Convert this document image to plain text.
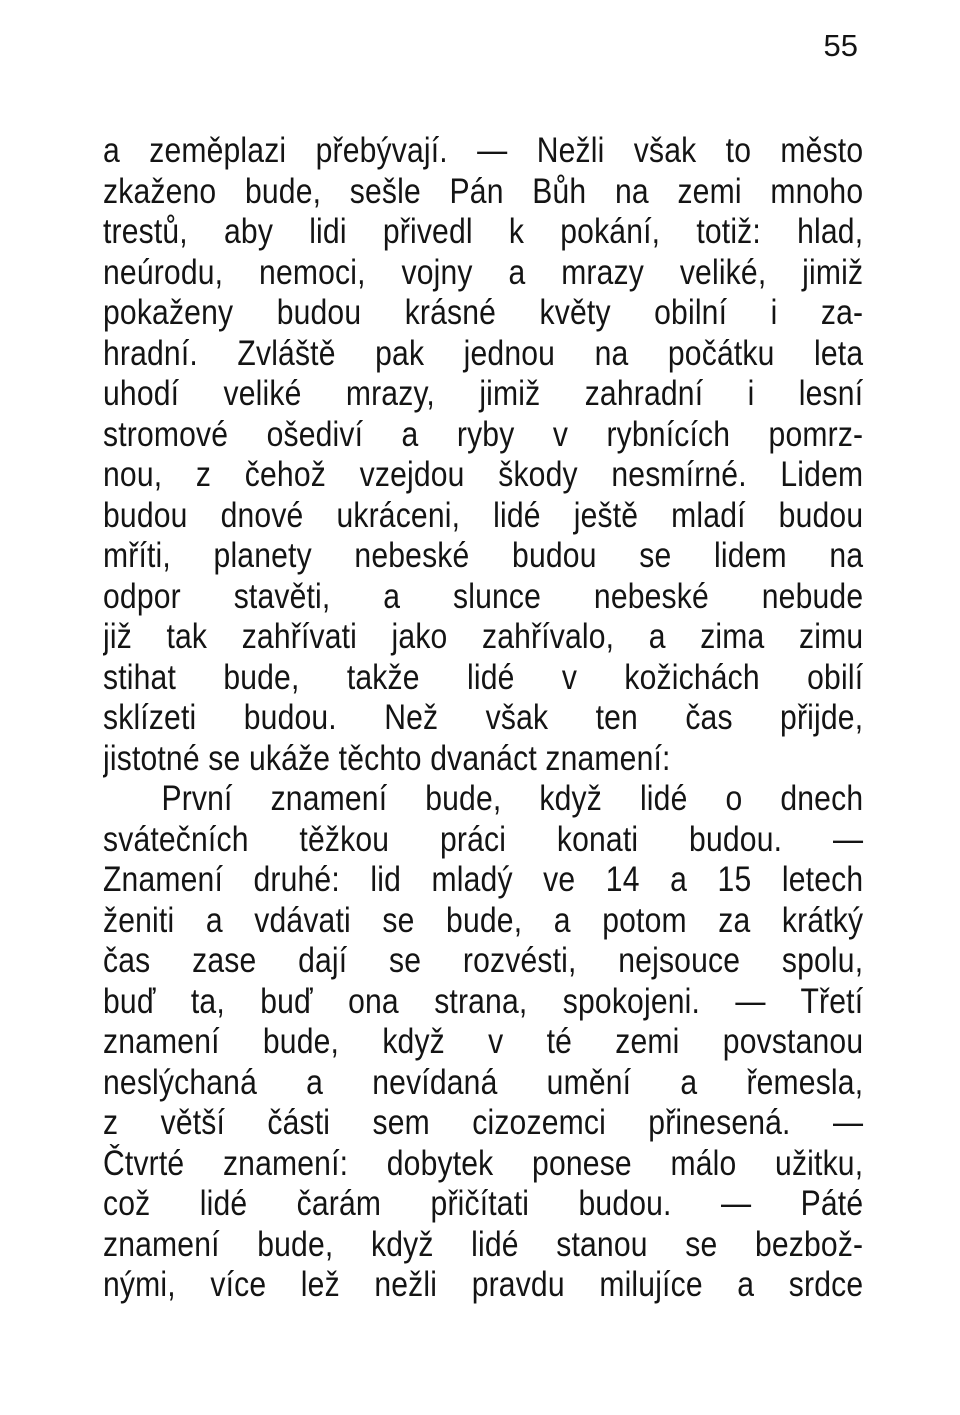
55
a zeměplazi přebývají. — Nežli však to město
zkaženo bude, sešle Pán Bůh na zemi mnoho
trestů, aby lidi přivedl k pokání, totiž: hlad,
neúrodu, nemoci, vojny a mrazy veliké, jimiž
pokaženy budou krásné květy obilní i za-
hradní. Zvláště pak jednou na počátku leta
uhodí veliké mrazy, jimiž zahradní i lesní
stromové ošediví a ryby v rybnících pomrz-
nou, z čehož vzejdou škody nesmírné. Lidem
budou dnové ukráceni, lidé ještě mladí budou
mříti, planety nebeské budou se lidem na
odpor stavěti, a slunce nebeské nebude
již tak zahřívati jako zahřívalo, a zima zimu
stihat bude, takže lidé v kožichách obilí
sklízeti budou. Než však ten čas přijde,
jistotné se ukáže těchto dvanáct znamení:
První znamení bude, když lidé o dnech
svátečních těžkou práci konati budou. —
Znamení druhé: lid mladý ve 14 a 15 letech
ženiti a vdávati se bude, a potom za krátký
čas zase dají se rozvésti, nejsouce spolu,
buď ta, buď ona strana, spokojeni. — Třetí
znamení bude, když v té zemi povstanou
neslýchaná a nevídaná umění a řemesla,
z větší části sem cizozemci přinesená. —
Čtvrté znamení: dobytek ponese málo užitku,
což lidé čarám přičítati budou. — Páté
znamení bude, když lidé stanou se bezbož-
nými, více lež nežli pravdu milujíce a srdce
